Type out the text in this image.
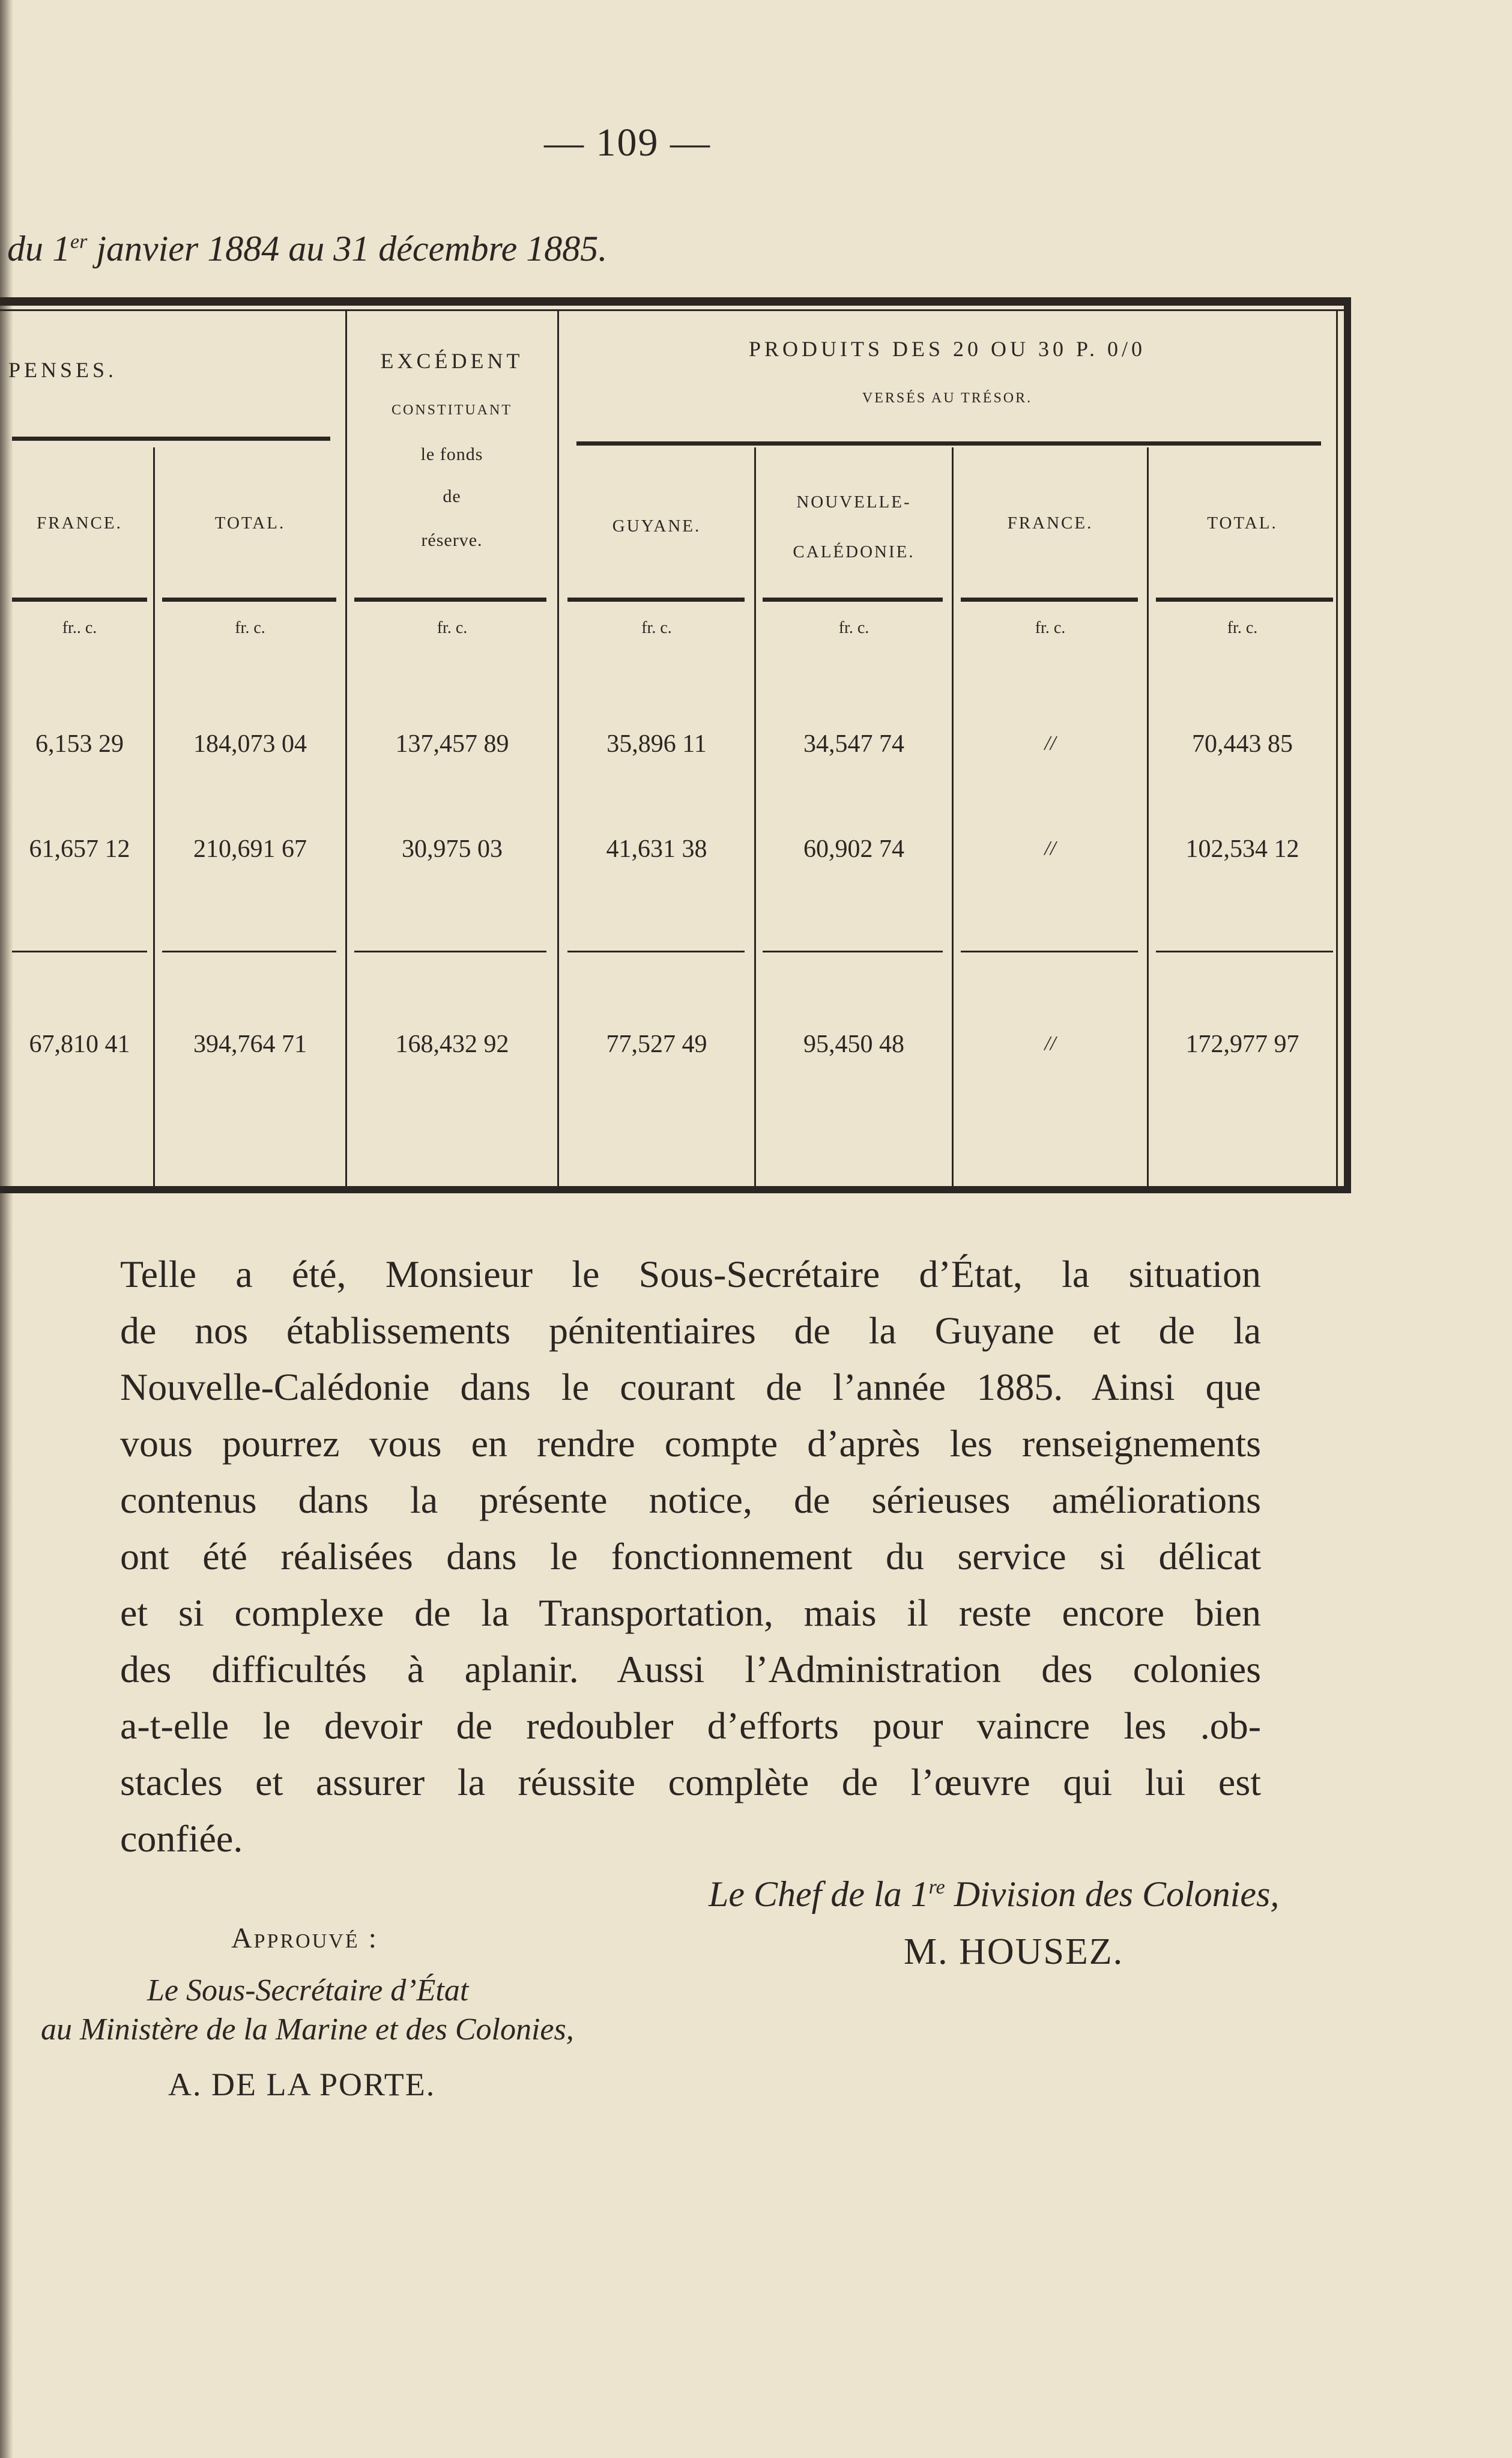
— 109 —
du 1er janvier 1884 au 31 décembre 1885.
PENSES.	EXCÉDENT
CONSTITUANT
le fonds
de
réserve.
PRODUITS DES 20 OU 30 P. 0/0
VERSÉS AU TRÉSOR.
FRANCE.	TOTAL.	GUYANE.
NOUVELLE-
CALÉDONIE.
FRANCE.	TOTAL.
fr.. c.	fr. c.	fr. c.	fr. c.	fr. c.	fr. c.	fr. c.
6,153 29	184,073 04	137,457 89	35,896 11	34,547 74	//	70,443 85
61,657 12	210,691 67	30,975 03	41,631 38	60,902 74	//	102,534 12
67,810 41	394,764 71	168,432 92	77,527 49	95,450 48	//	172,977 97
Telle a été, Monsieur le Sous-Secrétaire d’État, la situation
de nos établissements pénitentiaires de la Guyane et de la
Nouvelle-Calédonie dans le courant de l’année 1885. Ainsi que
vous pourrez vous en rendre compte d’après les renseignements
contenus dans la présente notice, de sérieuses améliorations
ont été réalisées dans le fonctionnement du service si délicat
et si complexe de la Transportation, mais il reste encore bien
des difficultés à aplanir. Aussi l’Administration des colonies
a-t-elle le devoir de redoubler d’efforts pour vaincre les .ob-
stacles et assurer la réussite complète de l’œuvre qui lui est
confiée.
Le Chef de la 1re Division des Colonies,
M. HOUSEZ.
Approuvé :
Le Sous-Secrétaire d’État
au Ministère de la Marine et des Colonies,
A. DE LA PORTE.
